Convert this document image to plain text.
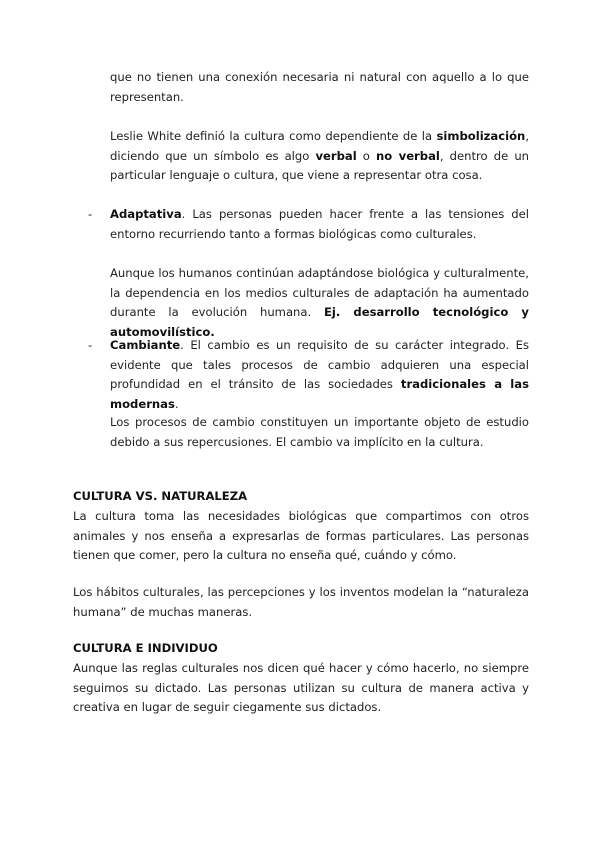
que no tienen una conexión necesaria ni natural con aquello a lo que representan.

Leslie White definió la cultura como dependiente de la simbolización, diciendo que un símbolo es algo verbal o no verbal, dentro de un particular lenguaje o cultura, que viene a representar otra cosa.

- Adaptativa. Las personas pueden hacer frente a las tensiones del entorno recurriendo tanto a formas biológicas como culturales.

Aunque los humanos continúan adaptándose biológica y culturalmente, la dependencia en los medios culturales de adaptación ha aumentado durante la evolución humana. Ej. desarrollo tecnológico y automovilístico.

- Cambiante. El cambio es un requisito de su carácter integrado. Es evidente que tales procesos de cambio adquieren una especial profundidad en el tránsito de las sociedades tradicionales a las modernas.

Los procesos de cambio constituyen un importante objeto de estudio debido a sus repercusiones. El cambio va implícito en la cultura.

CULTURA VS. NATURALEZA

La cultura toma las necesidades biológicas que compartimos con otros animales y nos enseña a expresarlas de formas particulares. Las personas tienen que comer, pero la cultura no enseña qué, cuándo y cómo.

Los hábitos culturales, las percepciones y los inventos modelan la “naturaleza humana” de muchas maneras.

CULTURA E INDIVIDUO

Aunque las reglas culturales nos dicen qué hacer y cómo hacerlo, no siempre seguimos su dictado. Las personas utilizan su cultura de manera activa y creativa en lugar de seguir ciegamente sus dictados.
